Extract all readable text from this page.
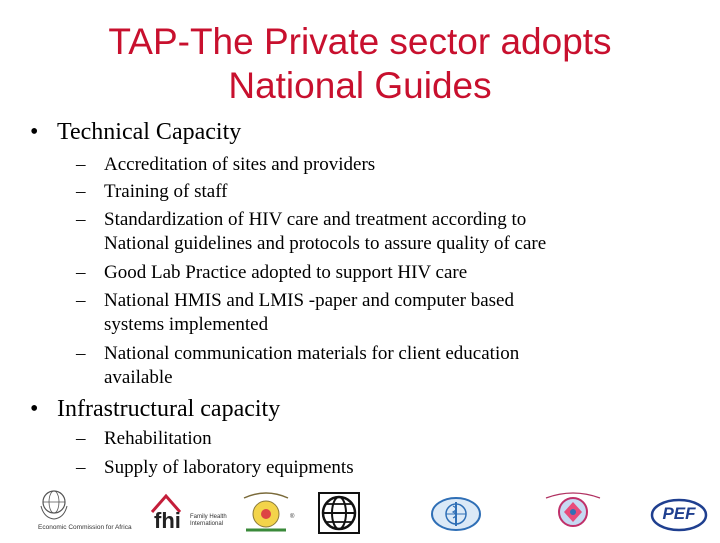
TAP-The Private sector adopts
National Guides
• Technical Capacity
– Accreditation of sites and providers
– Training of staff
– Standardization of HIV care and treatment according to
National guidelines and protocols to assure quality of care
– Good Lab Practice adopted to support HIV care
– National HMIS and LMIS -paper and computer based
systems implemented
– National communication materials for client education
available
• Infrastructural capacity
– Rehabilitation
– Supply of laboratory equipments
Economic Commission for Africa fhi Family Health
International
®	PEF
